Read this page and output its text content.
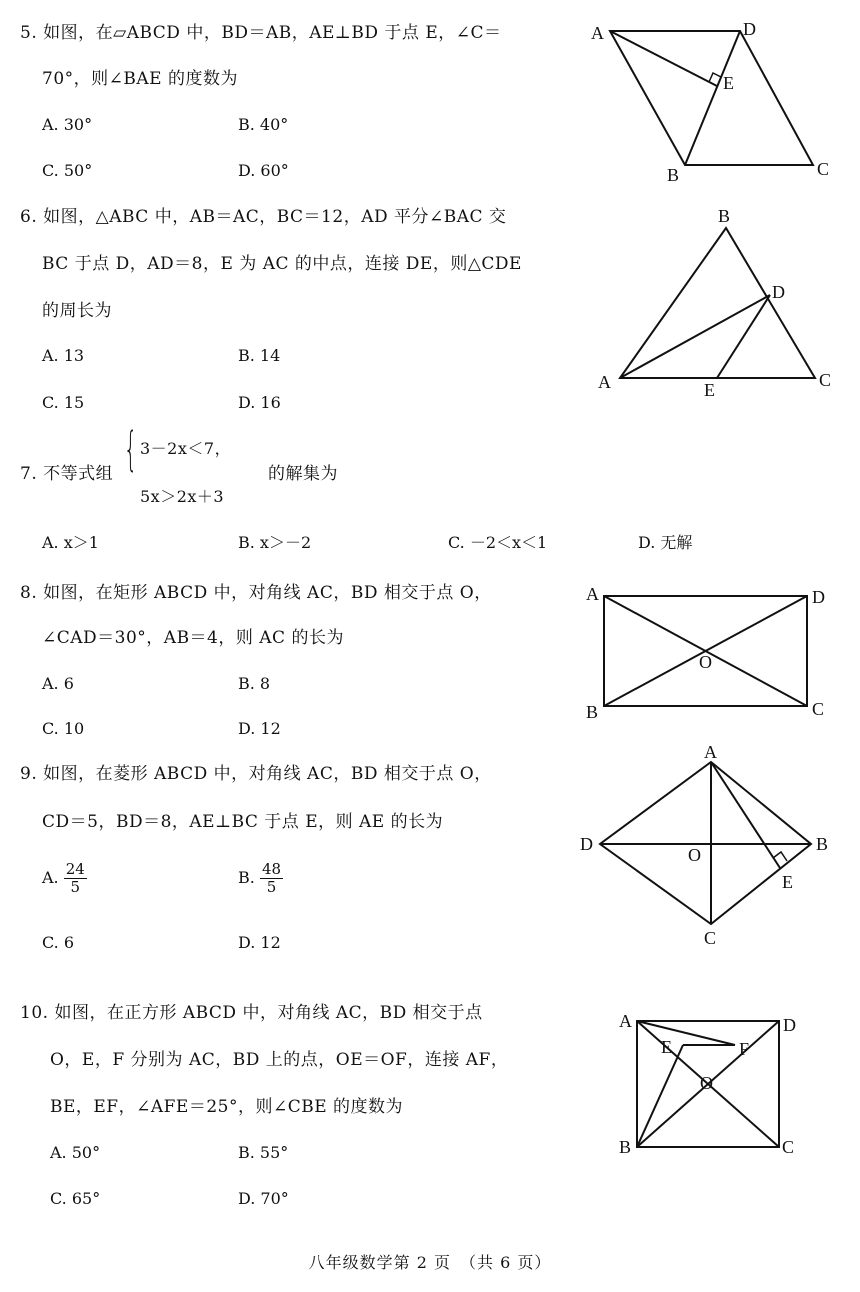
5. 如图，在▱ABCD 中，BD＝AB，AE⊥BD 于点 E，∠C＝
70°，则∠BAE 的度数为
A. 30°	B. 40°
C. 50°	D. 60°
A	D
E
B	C
6. 如图，△ABC 中，AB＝AC，BC＝12，AD 平分∠BAC 交
BC 于点 D，AD＝8，E 为 AC 的中点，连接 DE，则△CDE
的周长为
A. 13	B. 14
C. 15	D. 16
B
D
A	E	C
7. 不等式组 { 3－2x＜7，
5x＞2x＋3
的解集为
A. x＞1	B. x＞－2	C. －2＜x＜1	D. 无解
8. 如图，在矩形 ABCD 中，对角线 AC，BD 相交于点 O，
∠CAD＝30°，AB＝4，则 AC 的长为
A. 6	B. 8
C. 10	D. 12
A	D
O
B	C
9. 如图，在菱形 ABCD 中，对角线 AC，BD 相交于点 O，
CD＝5，BD＝8，AE⊥BC 于点 E，则 AE 的长为
A. $\frac{24}{5}$	B. $\frac{48}{5}$
C. 6	D. 12
A
B
D
O
E
C
10. 如图，在正方形 ABCD 中，对角线 AC，BD 相交于点
O，E，F 分别为 AC，BD 上的点，OE＝OF，连接 AF，
BE，EF，∠AFE＝25°，则∠CBE 的度数为
A. 50°	B. 55°
C. 65°	D. 70°
A	D
E	F
O
B	C
八年级数学第 2 页　（共 6 页）
